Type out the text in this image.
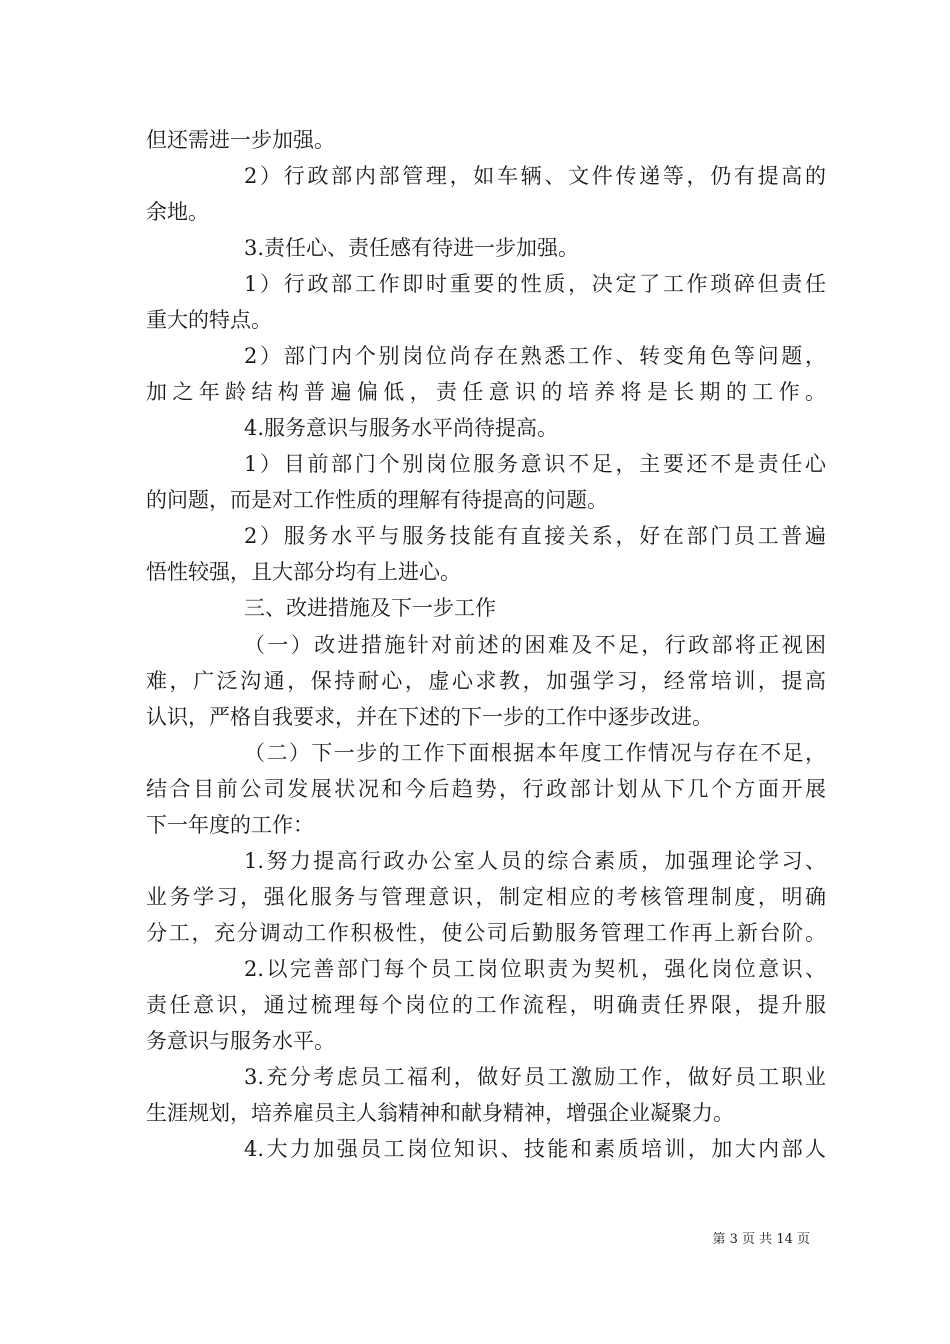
但还需进一步加强。
2）行政部内部管理，如车辆、文件传递等，仍有提高的
余地。
3.责任心、责任感有待进一步加强。
1）行政部工作即时重要的性质，决定了工作琐碎但责任
重大的特点。
2）部门内个别岗位尚存在熟悉工作、转变角色等问题，
加之年龄结构普遍偏低，责任意识的培养将是长期的工作。
4.服务意识与服务水平尚待提高。
1）目前部门个别岗位服务意识不足，主要还不是责任心
的问题，而是对工作性质的理解有待提高的问题。
2）服务水平与服务技能有直接关系，好在部门员工普遍
悟性较强，且大部分均有上进心。
三、改进措施及下一步工作
（一）改进措施针对前述的困难及不足，行政部将正视困
难，广泛沟通，保持耐心，虚心求教，加强学习，经常培训，提高
认识，严格自我要求，并在下述的下一步的工作中逐步改进。
（二）下一步的工作下面根据本年度工作情况与存在不足，
结合目前公司发展状况和今后趋势，行政部计划从下几个方面开展
下一年度的工作：
1.努力提高行政办公室人员的综合素质，加强理论学习、
业务学习，强化服务与管理意识，制定相应的考核管理制度，明确
分工，充分调动工作积极性，使公司后勤服务管理工作再上新台阶。
2.以完善部门每个员工岗位职责为契机，强化岗位意识、
责任意识，通过梳理每个岗位的工作流程，明确责任界限，提升服
务意识与服务水平。
3.充分考虑员工福利，做好员工激励工作，做好员工职业
生涯规划，培养雇员主人翁精神和献身精神，增强企业凝聚力。
4.大力加强员工岗位知识、技能和素质培训，加大内部人
第 3 页 共 14 页
